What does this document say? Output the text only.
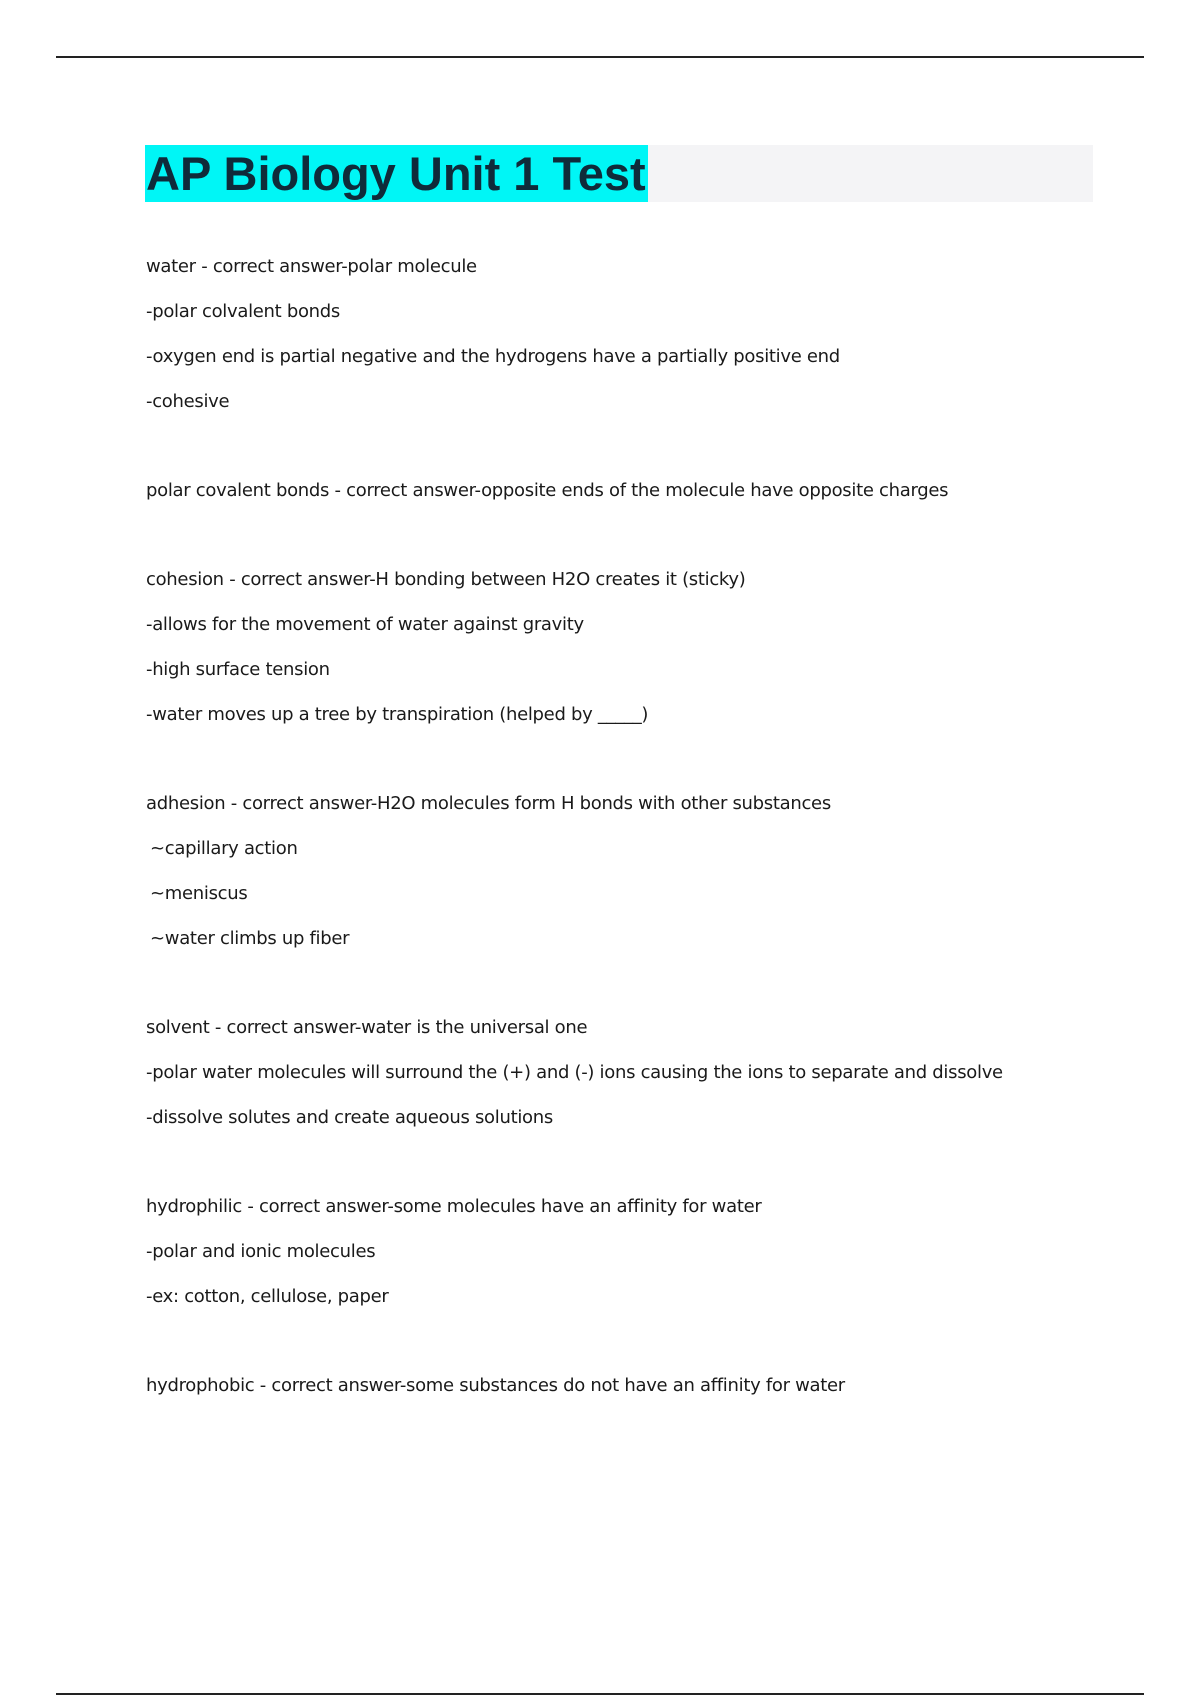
AP Biology Unit 1 Test
water - correct answer-polar molecule
-polar colvalent bonds
-oxygen end is partial negative and the hydrogens have a partially positive end
-cohesive
polar covalent bonds - correct answer-opposite ends of the molecule have opposite charges
cohesion - correct answer-H bonding between H2O creates it (sticky)
-allows for the movement of water against gravity
-high surface tension
-water moves up a tree by transpiration (helped by _____)
adhesion - correct answer-H2O molecules form H bonds with other substances
~capillary action
~meniscus
~water climbs up fiber
solvent - correct answer-water is the universal one
-polar water molecules will surround the (+) and (-) ions causing the ions to separate and dissolve
-dissolve solutes and create aqueous solutions
hydrophilic - correct answer-some molecules have an affinity for water
-polar and ionic molecules
-ex: cotton, cellulose, paper
hydrophobic - correct answer-some substances do not have an affinity for water
